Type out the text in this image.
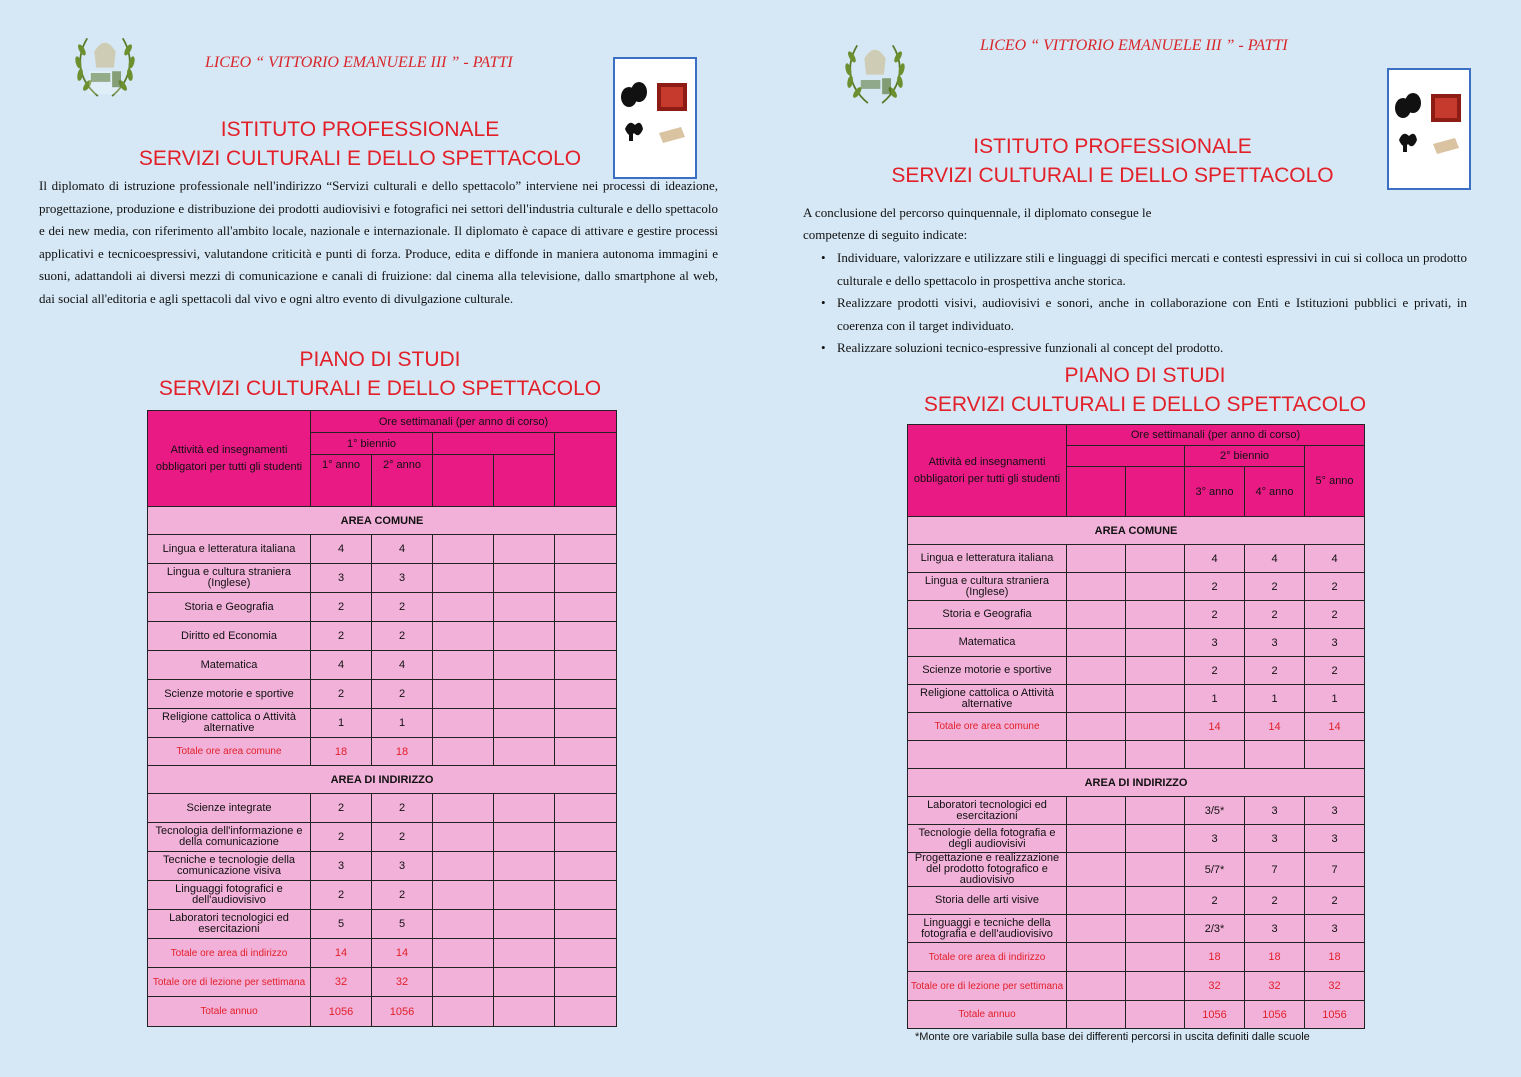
LICEO “ VITTORIO EMANUELE III ” - PATTI
ISTITUTO PROFESSIONALE
SERVIZI CULTURALI E DELLO SPETTACOLO
Il diplomato di istruzione professionale nell'indirizzo “Servizi culturali e dello spettacolo” interviene nei processi di ideazione, progettazione, produzione e distribuzione dei prodotti audiovisivi e fotografici nei settori dell'industria culturale e dello spettacolo e dei new media, con riferimento all'ambito locale, nazionale e internazionale. Il diplomato è capace di attivare e gestire processi applicativi e tecnicoespressivi, valutandone criticità e punti di forza. Produce, edita e diffonde in maniera autonoma immagini e suoni, adattandoli ai diversi mezzi di comunicazione e canali di fruizione: dal cinema alla televisione, dallo smartphone al web, dai social all'editoria e agli spettacoli dal vivo e ogni altro evento di divulgazione culturale.
PIANO DI STUDI
SERVIZI CULTURALI E DELLO SPETTACOLO
Attività ed insegnamenti obbligatori per tutti gli studenti	Ore settimanali (per anno di corso)				
	1° biennio				
	1° anno	2° anno			
AREA COMUNE					
Lingua e letteratura italiana	4	4			
Lingua e cultura straniera (Inglese)	3	3			
Storia e Geografia	2	2			
Diritto ed Economia	2	2			
Matematica	4	4			
Scienze motorie e sportive	2	2			
Religione cattolica o Attività alternative	1	1			
Totale ore area comune	18	18			
AREA DI INDIRIZZO					
Scienze integrate	2	2			
Tecnologia dell'informazione e della comunicazione	2	2			
Tecniche e tecnologie della comunicazione visiva	3	3			
Linguaggi fotografici e dell'audiovisivo	2	2			
Laboratori tecnologici ed esercitazioni	5	5			
Totale ore area di indirizzo	14	14			
Totale ore di lezione per settimana	32	32			
Totale annuo	1056	1056			
LICEO “ VITTORIO EMANUELE III ” - PATTI
ISTITUTO PROFESSIONALE
SERVIZI CULTURALI E DELLO SPETTACOLO
A conclusione del percorso quinquennale, il diplomato consegue le
competenze di seguito indicate:
• Individuare, valorizzare e utilizzare stili e linguaggi di specifici mercati e contesti espressivi in cui si colloca un prodotto culturale e dello spettacolo in prospettiva anche storica.
• Realizzare prodotti visivi, audiovisivi e sonori, anche in collaborazione con Enti e Istituzioni pubblici e privati, in coerenza con il target individuato.
• Realizzare soluzioni tecnico-espressive funzionali al concept del prodotto.
PIANO DI STUDI
SERVIZI CULTURALI E DELLO SPETTACOLO
Attività ed insegnamenti obbligatori per tutti gli studenti	Ore settimanali (per anno di corso)				
			2° biennio		5° anno
			3° anno	4° anno	
AREA COMUNE					
Lingua e letteratura italiana			4	4	4
Lingua e cultura straniera (Inglese)			2	2	2
Storia e Geografia			2	2	2
Matematica			3	3	3
Scienze motorie e sportive			2	2	2
Religione cattolica o Attività alternative			1	1	1
Totale ore area comune			14	14	14

AREA DI INDIRIZZO					
Laboratori tecnologici ed esercitazioni			3/5*	3	3
Tecnologie della fotografia e degli audiovisivi			3	3	3
Progettazione e realizzazione del prodotto fotografico e audiovisivo			5/7*	7	7
Storia delle arti visive			2	2	2
Linguaggi e tecniche della fotografia e dell'audiovisivo			2/3*	3	3
Totale ore area di indirizzo			18	18	18
Totale ore di lezione per settimana			32	32	32
Totale annuo			1056	1056	1056
*Monte ore variabile sulla base dei differenti percorsi in uscita definiti dalle scuole
